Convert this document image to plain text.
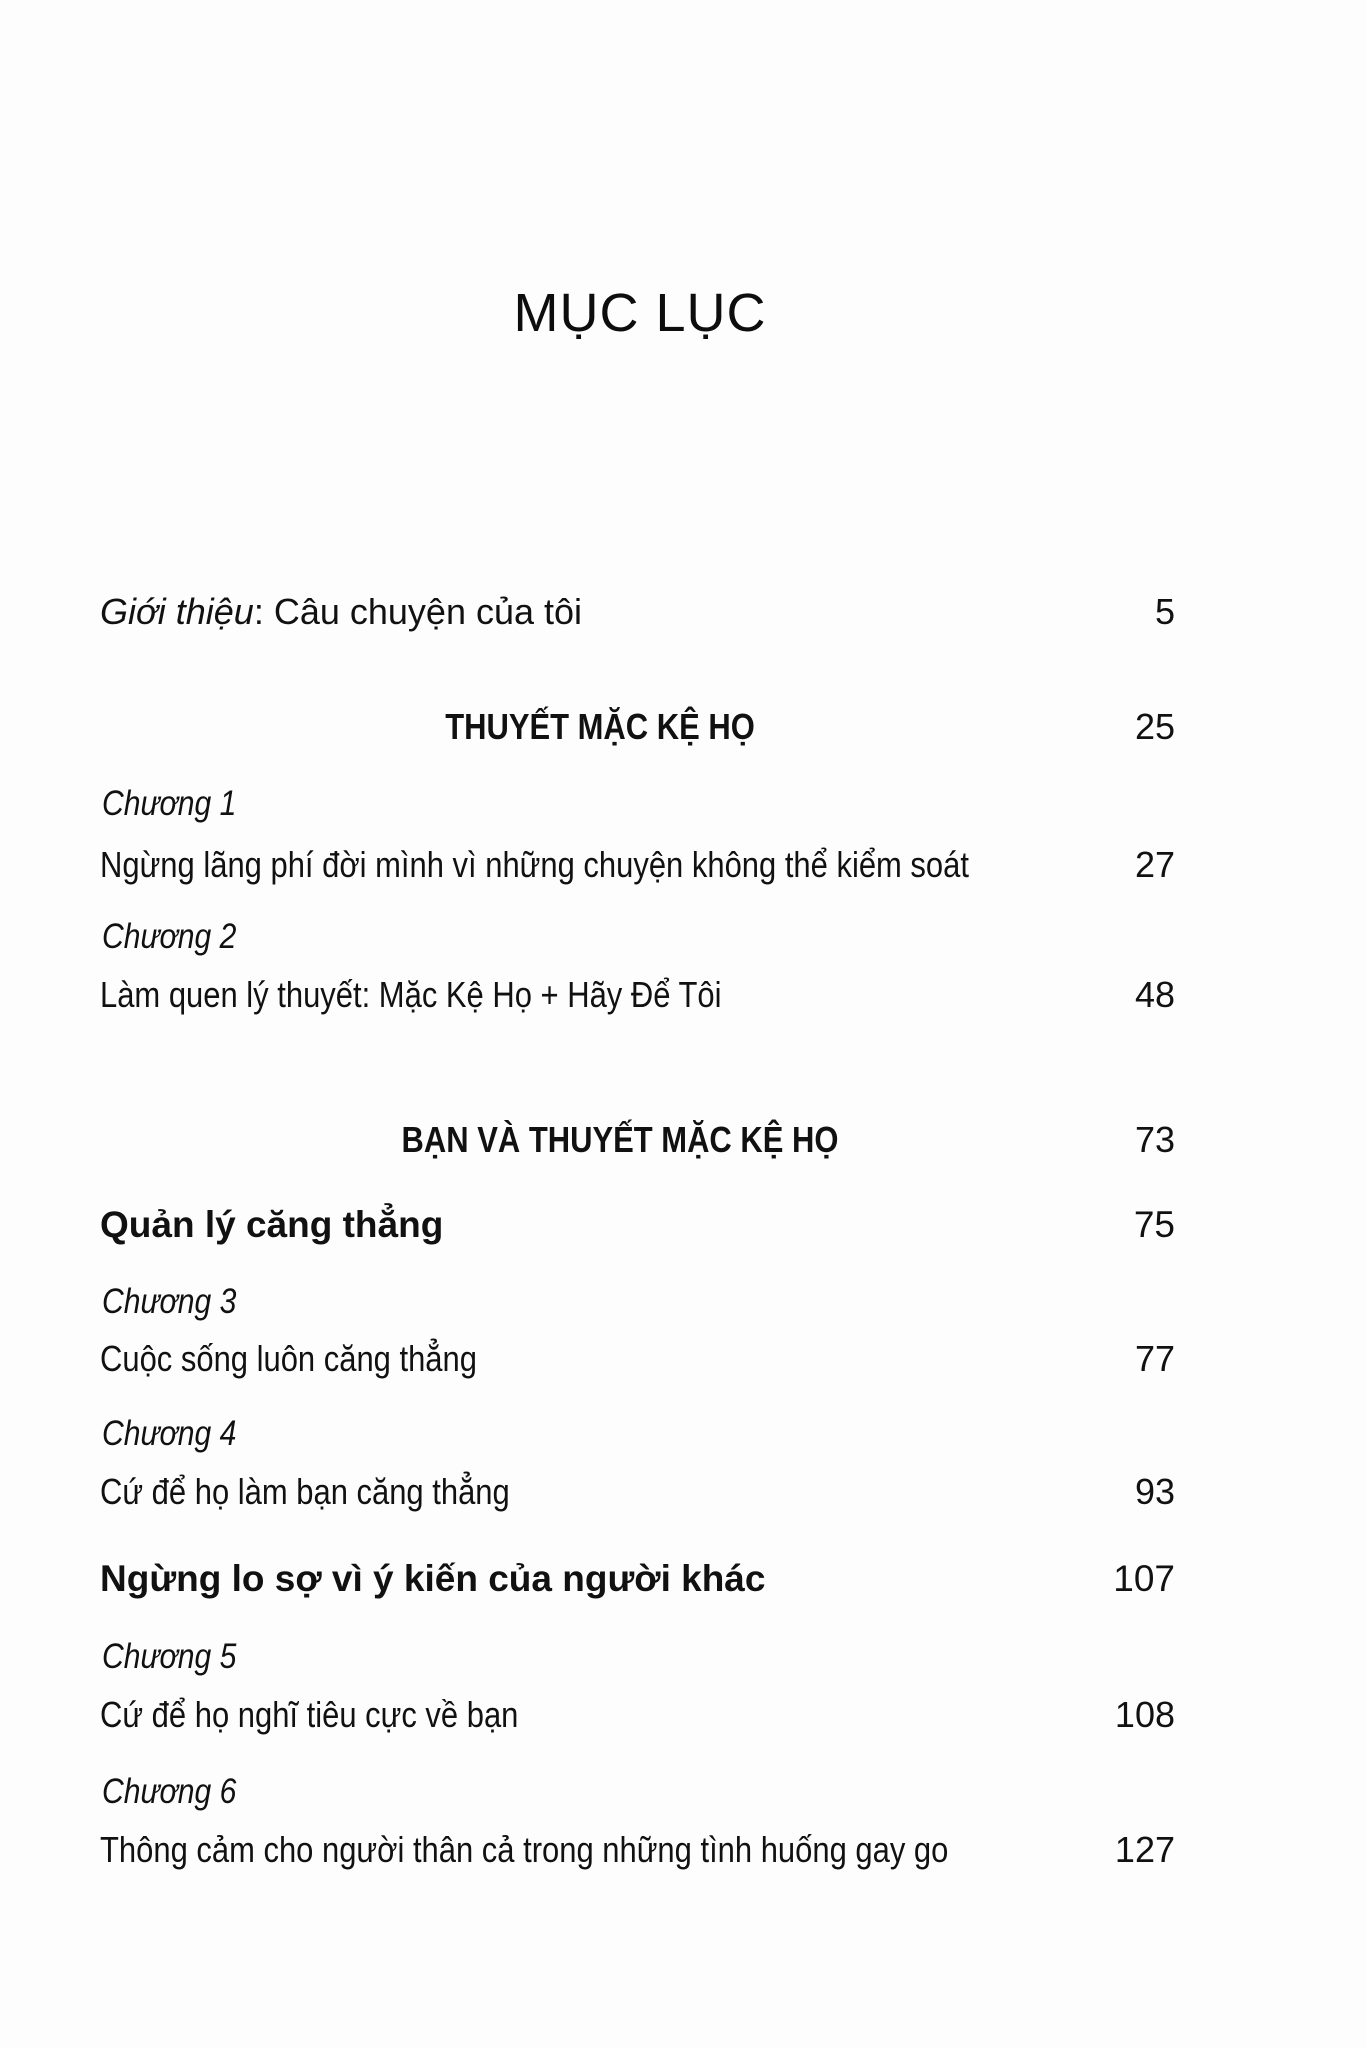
MỤC LỤC
Giới thiệu: Câu chuyện của tôi	5
THUYẾT MẶC KỆ HỌ	25
Chương 1
Ngừng lãng phí đời mình vì những chuyện không thể kiểm soát	27
Chương 2
Làm quen lý thuyết: Mặc Kệ Họ + Hãy Để Tôi	48
BẠN VÀ THUYẾT MẶC KỆ HỌ	73
Quản lý căng thẳng	75
Chương 3
Cuộc sống luôn căng thẳng	77
Chương 4
Cứ để họ làm bạn căng thẳng	93
Ngừng lo sợ vì ý kiến của người khác	107
Chương 5
Cứ để họ nghĩ tiêu cực về bạn	108
Chương 6
Thông cảm cho người thân cả trong những tình huống gay go	127
